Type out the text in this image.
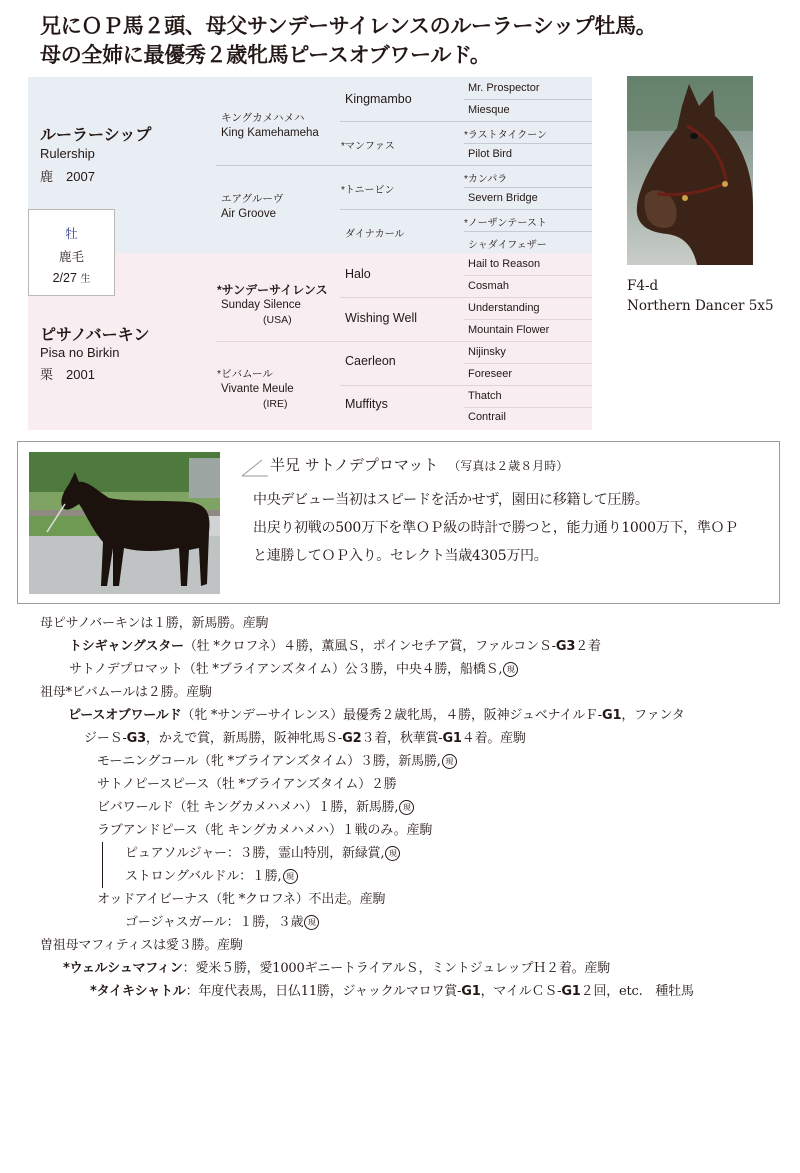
兄にＯＰ馬２頭、母父サンデーサイレンスのルーラーシップ牡馬。
母の全姉に最優秀２歳牝馬ピースオブワールド。
ルーラーシップ
Rulership
鹿　2007
牡
鹿毛
2/27 生
ピサノバーキン
Pisa no Birkin
栗　2001
キングカメハメハ
King Kamehameha
エアグルーヴ
Air Groove
*サンデーサイレンス
Sunday Silence
(USA)
*ビバムール
Vivante Meule
(IRE)
Kingmambo
*マンファス
*トニービン
ダイナカール
Halo
Wishing Well
Caerleon
Muffitys
Mr. Prospector
Miesque
*ラストタイクーン
Pilot Bird
*カンパラ
Severn Bridge
*ノーザンテースト
シャダイフェザー
Hail to Reason
Cosmah
Understanding
Mountain Flower
Nijinsky
Foreseer
Thatch
Contrail
F4-d
Northern Dancer 5x5
半兄 サトノデプロマット （写真は２歳８月時）
中央デビュー当初はスピードを活かせず，園田に移籍して圧勝。
出戻り初戦の500万下を準ＯＰ級の時計で勝つと，能力通り1000万下，準ＯＰ
と連勝してＯＰ入り。セレクト当歳4305万円。
母ピサノバーキンは１勝，新馬勝。産駒
トシギャングスター（牡 *クロフネ）４勝，薫風Ｓ，ポインセチア賞，ファルコンＳ-G3２着
サトノデプロマット（牡 *ブライアンズタイム）公３勝，中央４勝，船橋Ｓ, 現
祖母*ビバムールは２勝。産駒
ピースオブワールド（牝 *サンデーサイレンス）最優秀２歳牝馬，４勝，阪神ジュベナイルＦ-G1，ファンタ
ジーＳ-G3，かえで賞，新馬勝，阪神牝馬Ｓ-G2３着，秋華賞-G1４着。産駒
モーニングコール（牝 *ブライアンズタイム）３勝，新馬勝, 現
サトノピースピース（牡 *ブライアンズタイム）２勝
ビバワールド（牡 キングカメハメハ）１勝，新馬勝, 現
ラブアンドピース（牝 キングカメハメハ）１戦のみ。産駒
ピュアソルジャー：３勝，霊山特別，新緑賞, 現
ストロングバルドル：１勝, 現
オッドアイビーナス（牝 *クロフネ）不出走。産駒
ゴージャスガール：１勝，３歳 現
曽祖母マフィティスは愛３勝。産駒
*ウェルシュマフィン：愛米５勝，愛1000ギニートライアルＳ，ミントジュレップＨ２着。産駒
*タイキシャトル：年度代表馬，日仏11勝，ジャックルマロワ賞-G1，マイルＣＳ-G1２回，etc.　種牡馬
